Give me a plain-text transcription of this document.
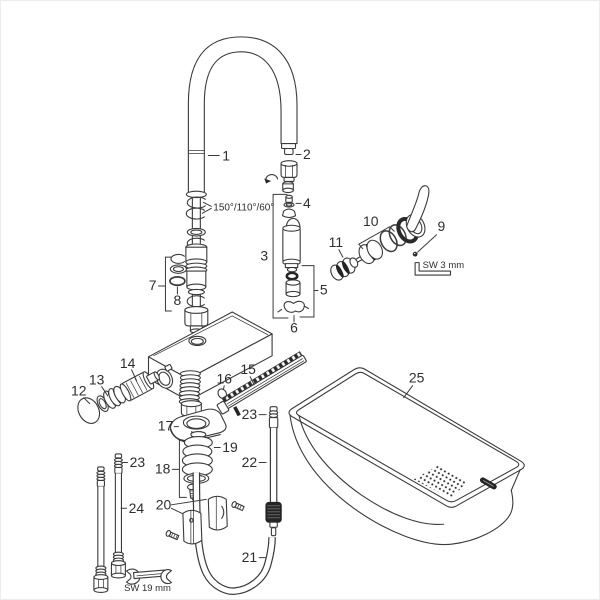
1	2
3
4
5
6
7
8
9
10
11
12
13
14	15
16
17
18
19
20
21
22
23
23
24
25
150°/110°/60°
SW 3 mm
SW 19 mm
